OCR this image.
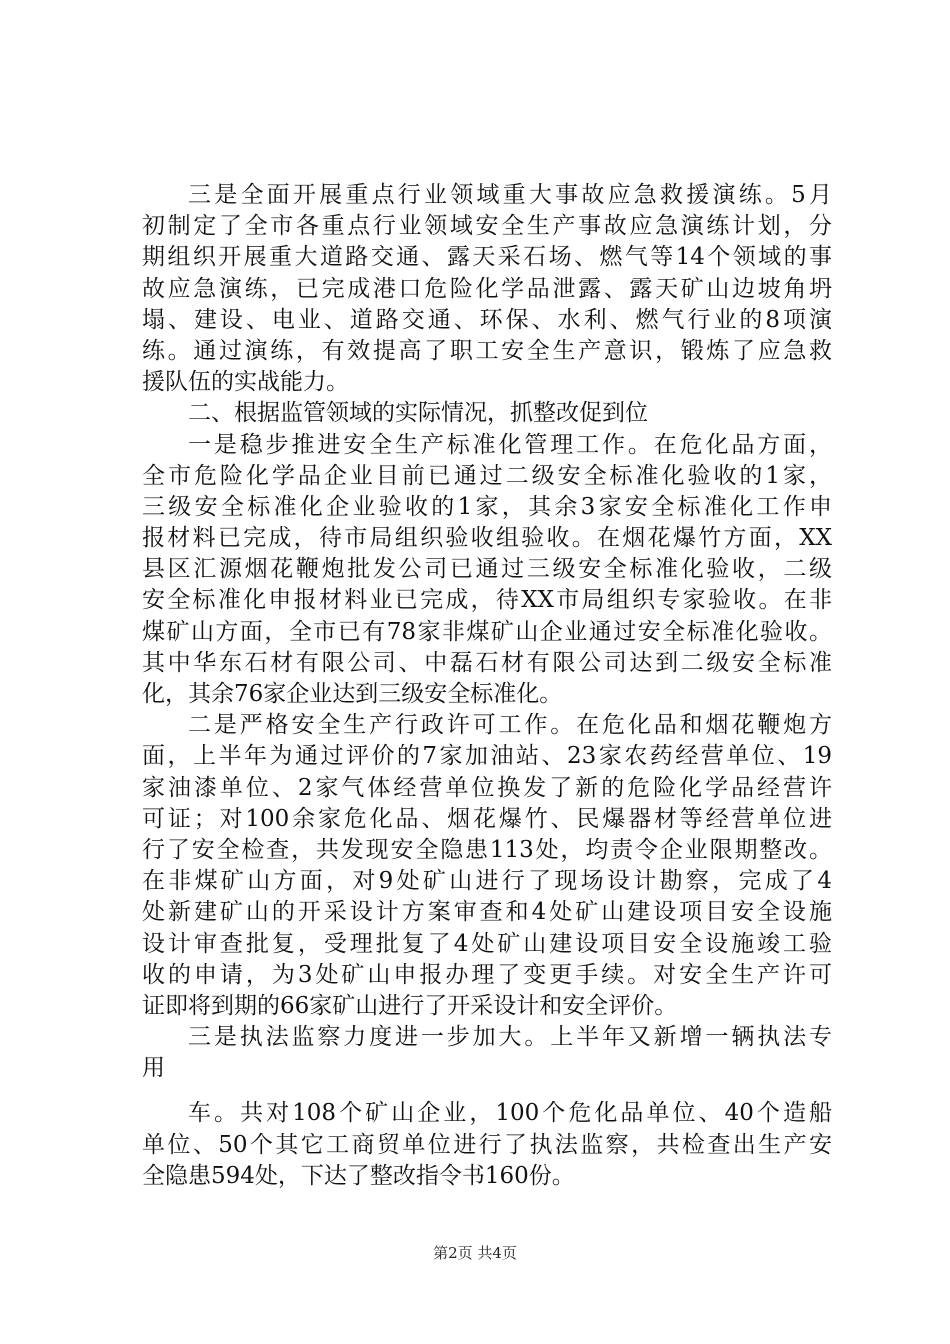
三是全面开展重点行业领域重大事故应急救援演练。5月
初制定了全市各重点行业领域安全生产事故应急演练计划，分
期组织开展重大道路交通、露天采石场、燃气等14个领域的事
故应急演练，已完成港口危险化学品泄露、露天矿山边坡角坍
塌、建设、电业、道路交通、环保、水利、燃气行业的8项演
练。通过演练，有效提高了职工安全生产意识，锻炼了应急救
援队伍的实战能力。
二、根据监管领域的实际情况，抓整改促到位
一是稳步推进安全生产标准化管理工作。在危化品方面，
全市危险化学品企业目前已通过二级安全标准化验收的1家，
三级安全标准化企业验收的1家，其余3家安全标准化工作申
报材料已完成，待市局组织验收组验收。在烟花爆竹方面，XX
县区汇源烟花鞭炮批发公司已通过三级安全标准化验收，二级
安全标准化申报材料业已完成，待XX市局组织专家验收。在非
煤矿山方面，全市已有78家非煤矿山企业通过安全标准化验收。
其中华东石材有限公司、中磊石材有限公司达到二级安全标准
化，其余76家企业达到三级安全标准化。
二是严格安全生产行政许可工作。在危化品和烟花鞭炮方
面，上半年为通过评价的7家加油站、23家农药经营单位、19
家油漆单位、2家气体经营单位换发了新的危险化学品经营许
可证；对100余家危化品、烟花爆竹、民爆器材等经营单位进
行了安全检查，共发现安全隐患113处，均责令企业限期整改。
在非煤矿山方面，对9处矿山进行了现场设计勘察，完成了4
处新建矿山的开采设计方案审查和4处矿山建设项目安全设施
设计审查批复，受理批复了4处矿山建设项目安全设施竣工验
收的申请，为3处矿山申报办理了变更手续。对安全生产许可
证即将到期的66家矿山进行了开采设计和安全评价。
三是执法监察力度进一步加大。上半年又新增一辆执法专
用
车。共对108个矿山企业，100个危化品单位、40个造船
单位、50个其它工商贸单位进行了执法监察，共检查出生产安
全隐患594处，下达了整改指令书160份。
第2页 共4页
